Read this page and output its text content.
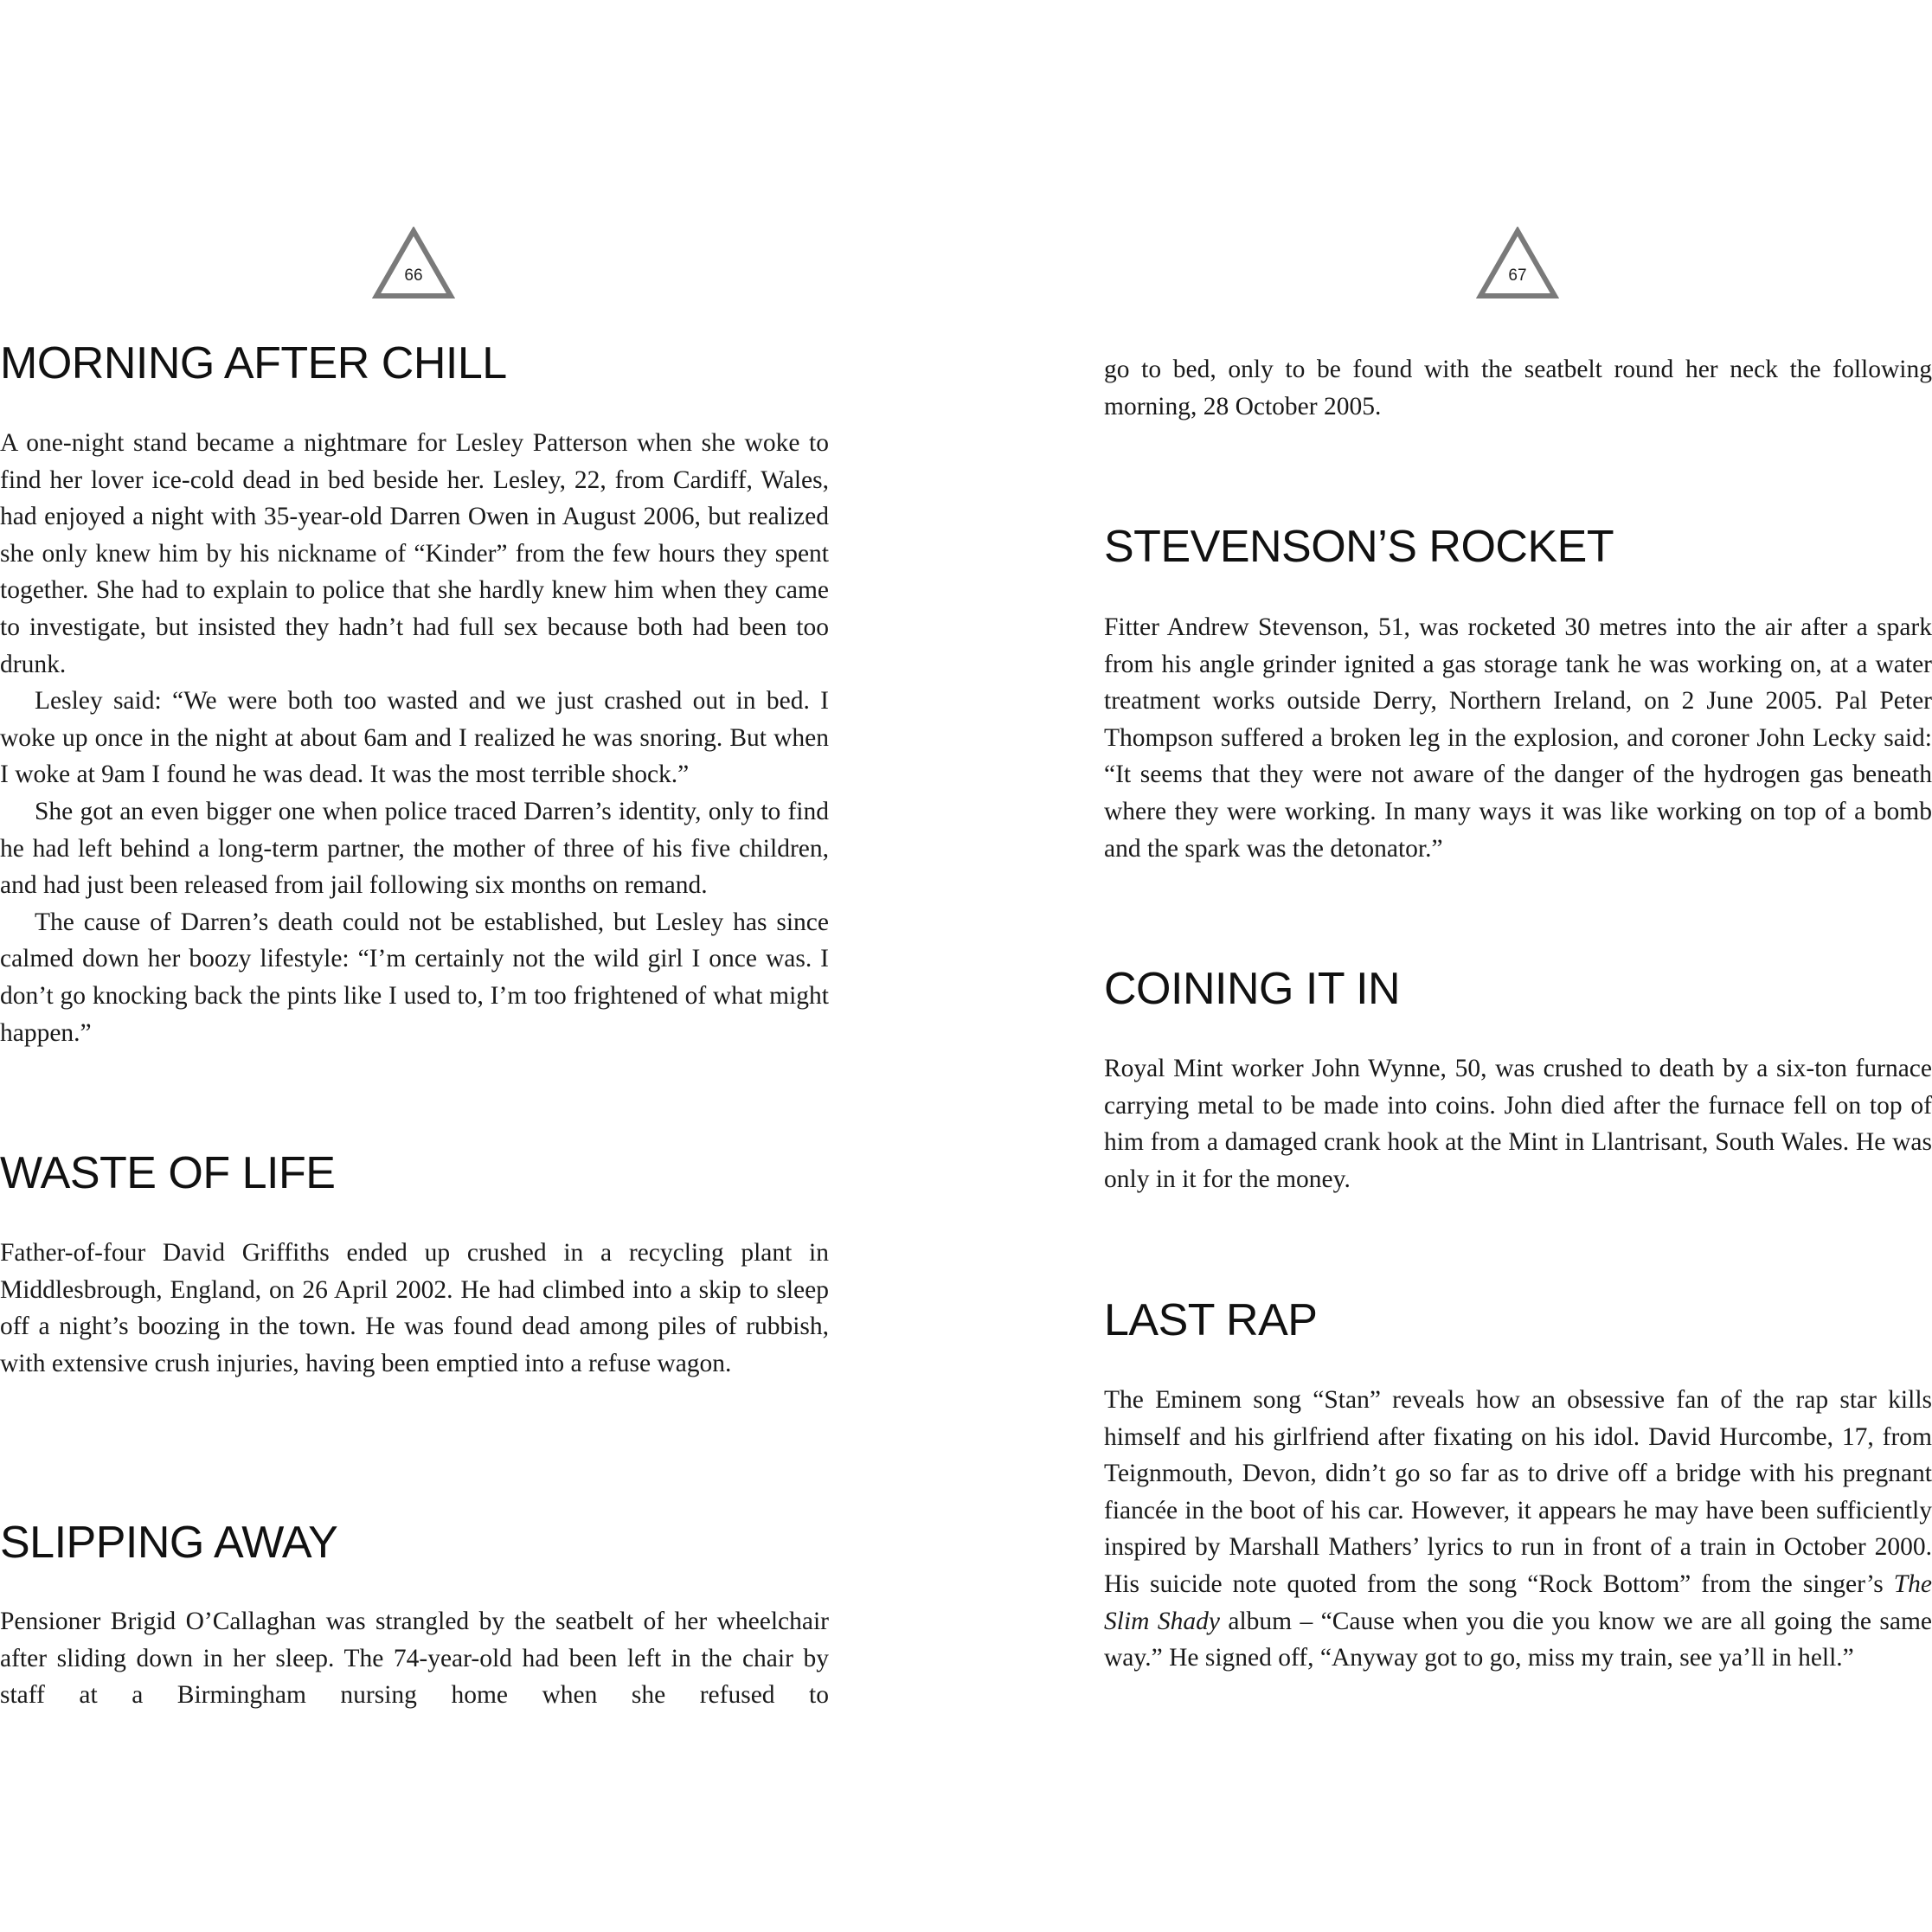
66
MORNING AFTER CHILL

A one-night stand became a nightmare for Lesley Patterson when she woke to find her lover ice-cold dead in bed beside her. Lesley, 22, from Cardiff, Wales, had enjoyed a night with 35-year-old Darren Owen in August 2006, but realized she only knew him by his nickname of “Kinder” from the few hours they spent together. She had to explain to police that she hardly knew him when they came to investigate, but insisted they hadn’t had full sex because both had been too drunk.

Lesley said: “We were both too wasted and we just crashed out in bed. I woke up once in the night at about 6am and I realized he was snoring. But when I woke at 9am I found he was dead. It was the most terrible shock.”

She got an even bigger one when police traced Darren’s identity, only to find he had left behind a long-term partner, the mother of three of his five children, and had just been released from jail following six months on remand.

The cause of Darren’s death could not be established, but Lesley has since calmed down her boozy lifestyle: “I’m certainly not the wild girl I once was. I don’t go knocking back the pints like I used to, I’m too frightened of what might happen.”

WASTE OF LIFE

Father-of-four David Griffiths ended up crushed in a recycling plant in Middlesbrough, England, on 26 April 2002. He had climbed into a skip to sleep off a night’s boozing in the town. He was found dead among piles of rubbish, with extensive crush injuries, having been emptied into a refuse wagon.

SLIPPING AWAY

Pensioner Brigid O’Callaghan was strangled by the seatbelt of her wheelchair after sliding down in her sleep. The 74-year-old had been left in the chair by staff at a Birmingham nursing home when she refused to

67

go to bed, only to be found with the seatbelt round her neck the following morning, 28 October 2005.

STEVENSON’S ROCKET

Fitter Andrew Stevenson, 51, was rocketed 30 metres into the air after a spark from his angle grinder ignited a gas storage tank he was working on, at a water treatment works outside Derry, Northern Ireland, on 2 June 2005. Pal Peter Thompson suffered a broken leg in the explosion, and coroner John Lecky said: “It seems that they were not aware of the danger of the hydrogen gas beneath where they were working. In many ways it was like working on top of a bomb and the spark was the detonator.”

COINING IT IN

Royal Mint worker John Wynne, 50, was crushed to death by a six-ton furnace carrying metal to be made into coins. John died after the furnace fell on top of him from a damaged crank hook at the Mint in Llantrisant, South Wales. He was only in it for the money.

LAST RAP

The Eminem song “Stan” reveals how an obsessive fan of the rap star kills himself and his girlfriend after fixating on his idol. David Hurcombe, 17, from Teignmouth, Devon, didn’t go so far as to drive off a bridge with his pregnant fiancée in the boot of his car. However, it appears he may have been sufficiently inspired by Marshall Mathers’ lyrics to run in front of a train in October 2000. His suicide note quoted from the song “Rock Bottom” from the singer’s The Slim Shady album – “Cause when you die you know we are all going the same way.” He signed off, “Anyway got to go, miss my train, see ya’ll in hell.”
